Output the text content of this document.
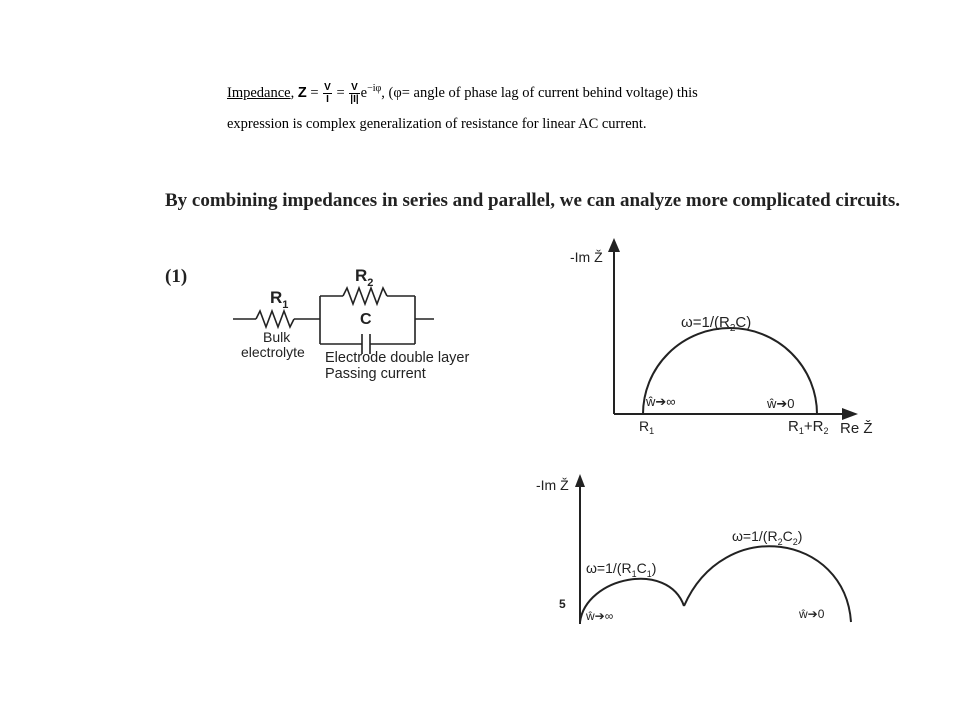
Impedance, $Z = \frac{V}{I} = \frac{V}{|I|} e^{-i\varphi}$, (φ= angle of phase lag of current behind voltage) this
expression is complex generalization of resistance for linear AC current.
By combining impedances in series and parallel, we can analyze more complicated circuits.
(1)
$R_1$
$R_2$
C
Bulk
electrolyte Electrode double layer
Passing current
-Im Ž
$\omega=1/(R_2C)$
ŵ➔∞	ŵ➔0
$R_1$	$R_1+R_2$ Re Ž
-Im Ž
5
$\omega=1/(R_1C_1)$
$\omega=1/(R_2C_2)$
ŵ➔∞	ŵ➔0
